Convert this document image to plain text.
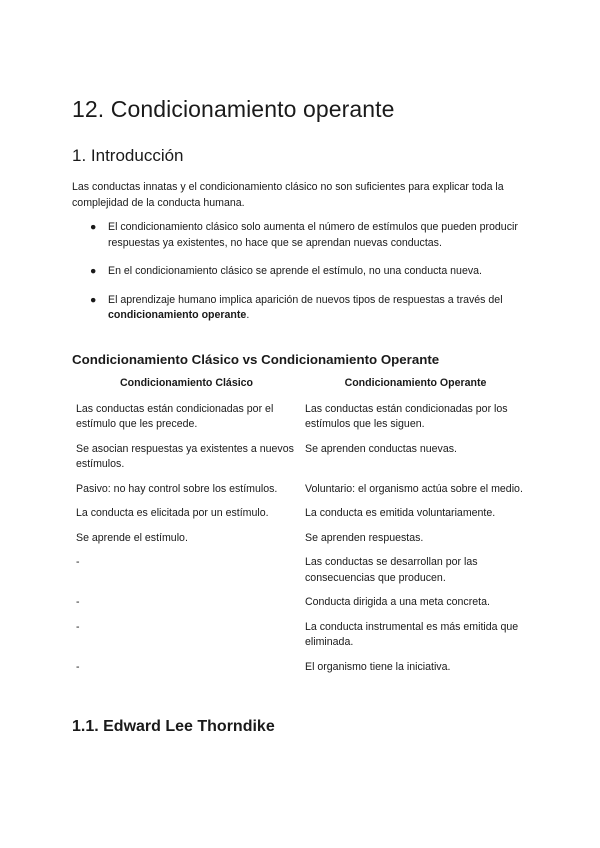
12. Condicionamiento operante
1. Introducción

Las conductas innatas y el condicionamiento clásico no son suficientes para explicar toda la complejidad de la conducta humana.

● El condicionamiento clásico solo aumenta el número de estímulos que pueden producir respuestas ya existentes, no hace que se aprendan nuevas conductas.
● En el condicionamiento clásico se aprende el estímulo, no una conducta nueva.
● El aprendizaje humano implica aparición de nuevos tipos de respuestas a través del condicionamiento operante.
Condicionamiento Clásico vs Condicionamiento Operante
Condicionamiento Clásico	Condicionamiento Operante
Las conductas están condicionadas por el estímulo que les precede.	Las conductas están condicionadas por los estímulos que les siguen.
Se asocian respuestas ya existentes a nuevos estímulos.	Se aprenden conductas nuevas.
Pasivo: no hay control sobre los estímulos.	Voluntario: el organismo actúa sobre el medio.
La conducta es elicitada por un estímulo.	La conducta es emitida voluntariamente.
Se aprende el estímulo.	Se aprenden respuestas.
-	Las conductas se desarrollan por las consecuencias que producen.
-	Conducta dirigida a una meta concreta.
-	La conducta instrumental es más emitida que eliminada.
-	El organismo tiene la iniciativa.
1.1. Edward Lee Thorndike
